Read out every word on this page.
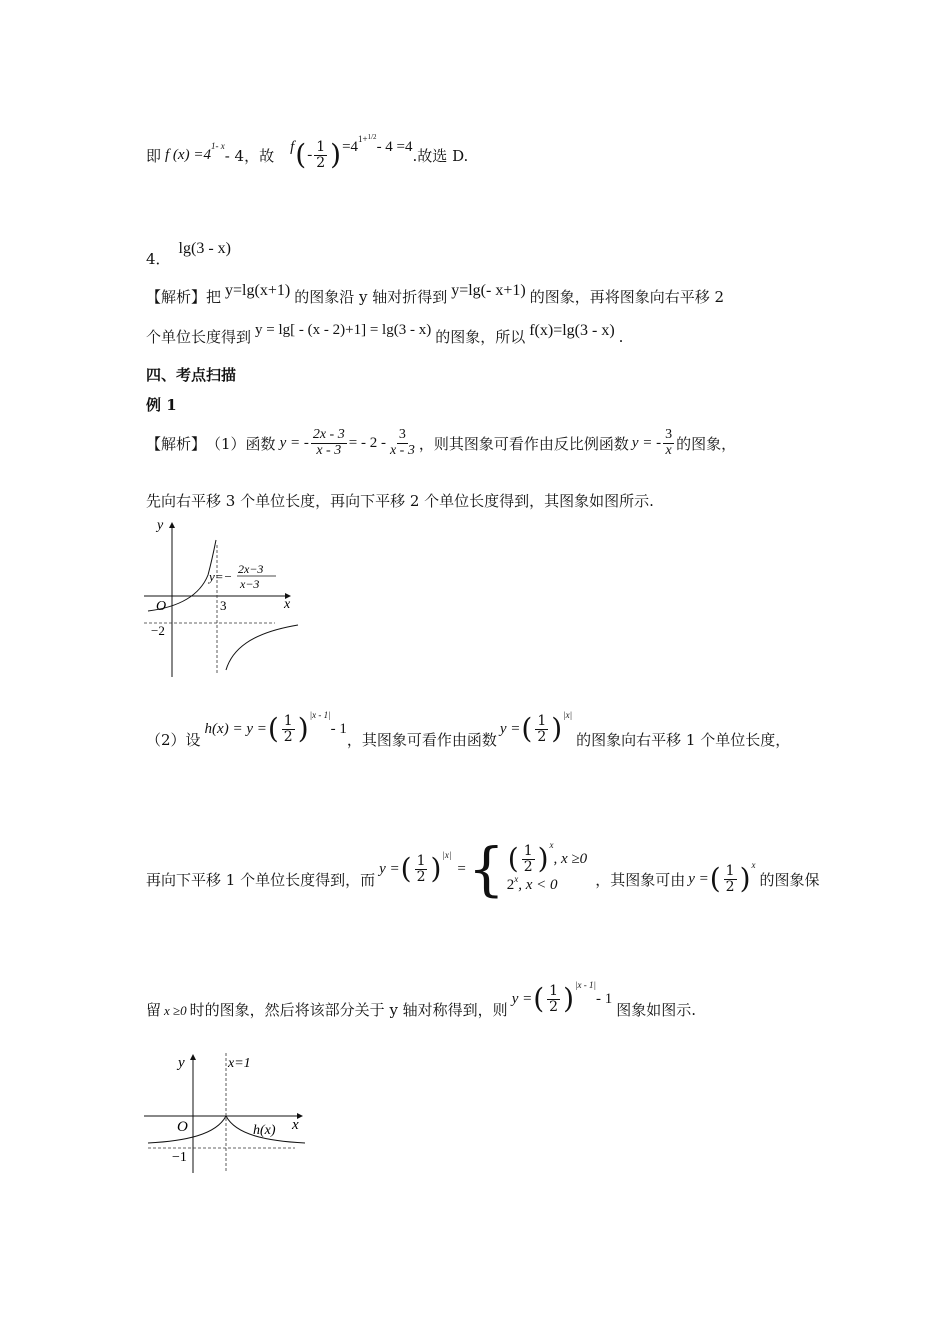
即 f (x) =4
1- x
- 4，故 f ( - $\frac{1}{2}$ ) =4 1+ 1/2
- 4 =4 .故选 D.
4．
lg(3 - x)
【解析】 把 y=lg(x+1) 的图象沿 y 轴对折得到 y=lg(- x+1) 的图象，再将图象向右平移 2
个单位长度得到 y = lg[ - (x - 2)+1] = lg(3 - x) 的图象，所以 f(x)=lg(3 - x) .
四、考点扫描
例 1
【解析】 （1）函数 y = - $\frac{2x - 3}{x - 3}$ = - $2 - \frac{3}{x - 3}$ ，则其图象可看作由反比例函数 y = - $\frac{3}{x}$ 的图象，
先向右平移 3 个单位长度，再向下平移 2 个单位长度得到，其图象如图所示.
y
x
O	3
−2
y=− 2x−3
x−3
（2）设
h(x) = y = ( $\frac{1}{2}$ ) |x - 1|
- 1
，其图象可看作由函数
y = ( $\frac{1}{2}$ ) |x|
的图象向右平移 1 个单位长度，
再向下平移 1 个单位长度得到，而
y = ( $\frac{1}{2}$ ) |x|
= { ( $\frac{1}{2}$ ) x
, x ≥0
2 x , x < 0	，其图象可由 y = ( $\frac{1}{2}$ ) x
的图象保
留 x ≥0 时的图象，然后将该部分关于 y 轴对称得到，则
y = ( $\frac{1}{2}$ ) |x - 1|
- 1
图象如图示.
y
x
O
x=1
−1
h(x)
